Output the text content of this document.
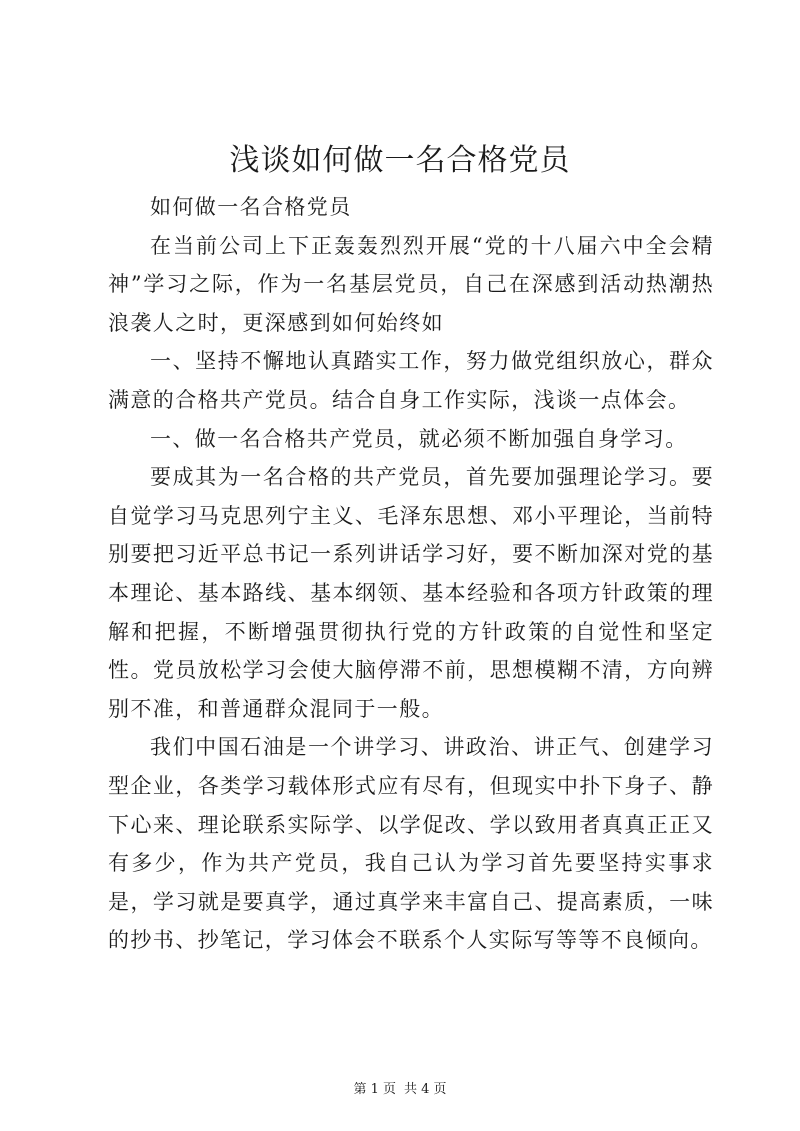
浅谈如何做一名合格党员

如何做一名合格党员

在当前公司上下正轰轰烈烈开展“党的十八届六中全会精神”学习之际，作为一名基层党员，自己在深感到活动热潮热浪袭人之时，更深感到如何始终如

一、坚持不懈地认真踏实工作，努力做党组织放心，群众满意的合格共产党员。结合自身工作实际，浅谈一点体会。

一、做一名合格共产党员，就必须不断加强自身学习。

要成其为一名合格的共产党员，首先要加强理论学习。要自觉学习马克思列宁主义、毛泽东思想、邓小平理论，当前特别要把习近平总书记一系列讲话学习好，要不断加深对党的基本理论、基本路线、基本纲领、基本经验和各项方针政策的理解和把握，不断增强贯彻执行党的方针政策的自觉性和坚定性。党员放松学习会使大脑停滞不前，思想模糊不清，方向辨别不准，和普通群众混同于一般。

我们中国石油是一个讲学习、讲政治、讲正气、创建学习型企业，各类学习载体形式应有尽有，但现实中扑下身子、静下心来、理论联系实际学、以学促改、学以致用者真真正正又有多少，作为共产党员，我自己认为学习首先要坚持实事求是，学习就是要真学，通过真学来丰富自己、提高素质，一味的抄书、抄笔记，学习体会不联系个人实际写等等不良倾向。

第 1 页 共 4 页
